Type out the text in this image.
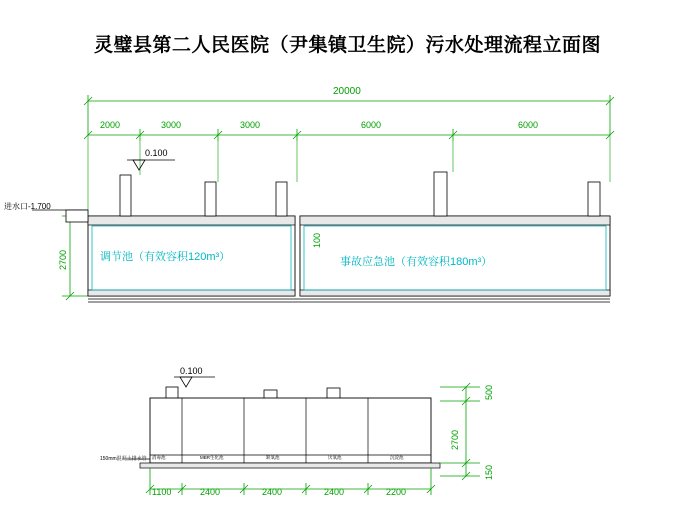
灵璧县第二人民医院（尹集镇卫生院）污水处理流程立面图
20000
2000	3000	3000	6000	6000
0.100
进水口-1.700
2700
100
调节池（有效容积120m³）	事故应急池（有效容积180m³）
0.100
150mm混凝土排水管 消毒池	MBR生化池	缺氧池	厌氧池	沉淀池
1100	2400	2400	2400	2200
500
2700
150
